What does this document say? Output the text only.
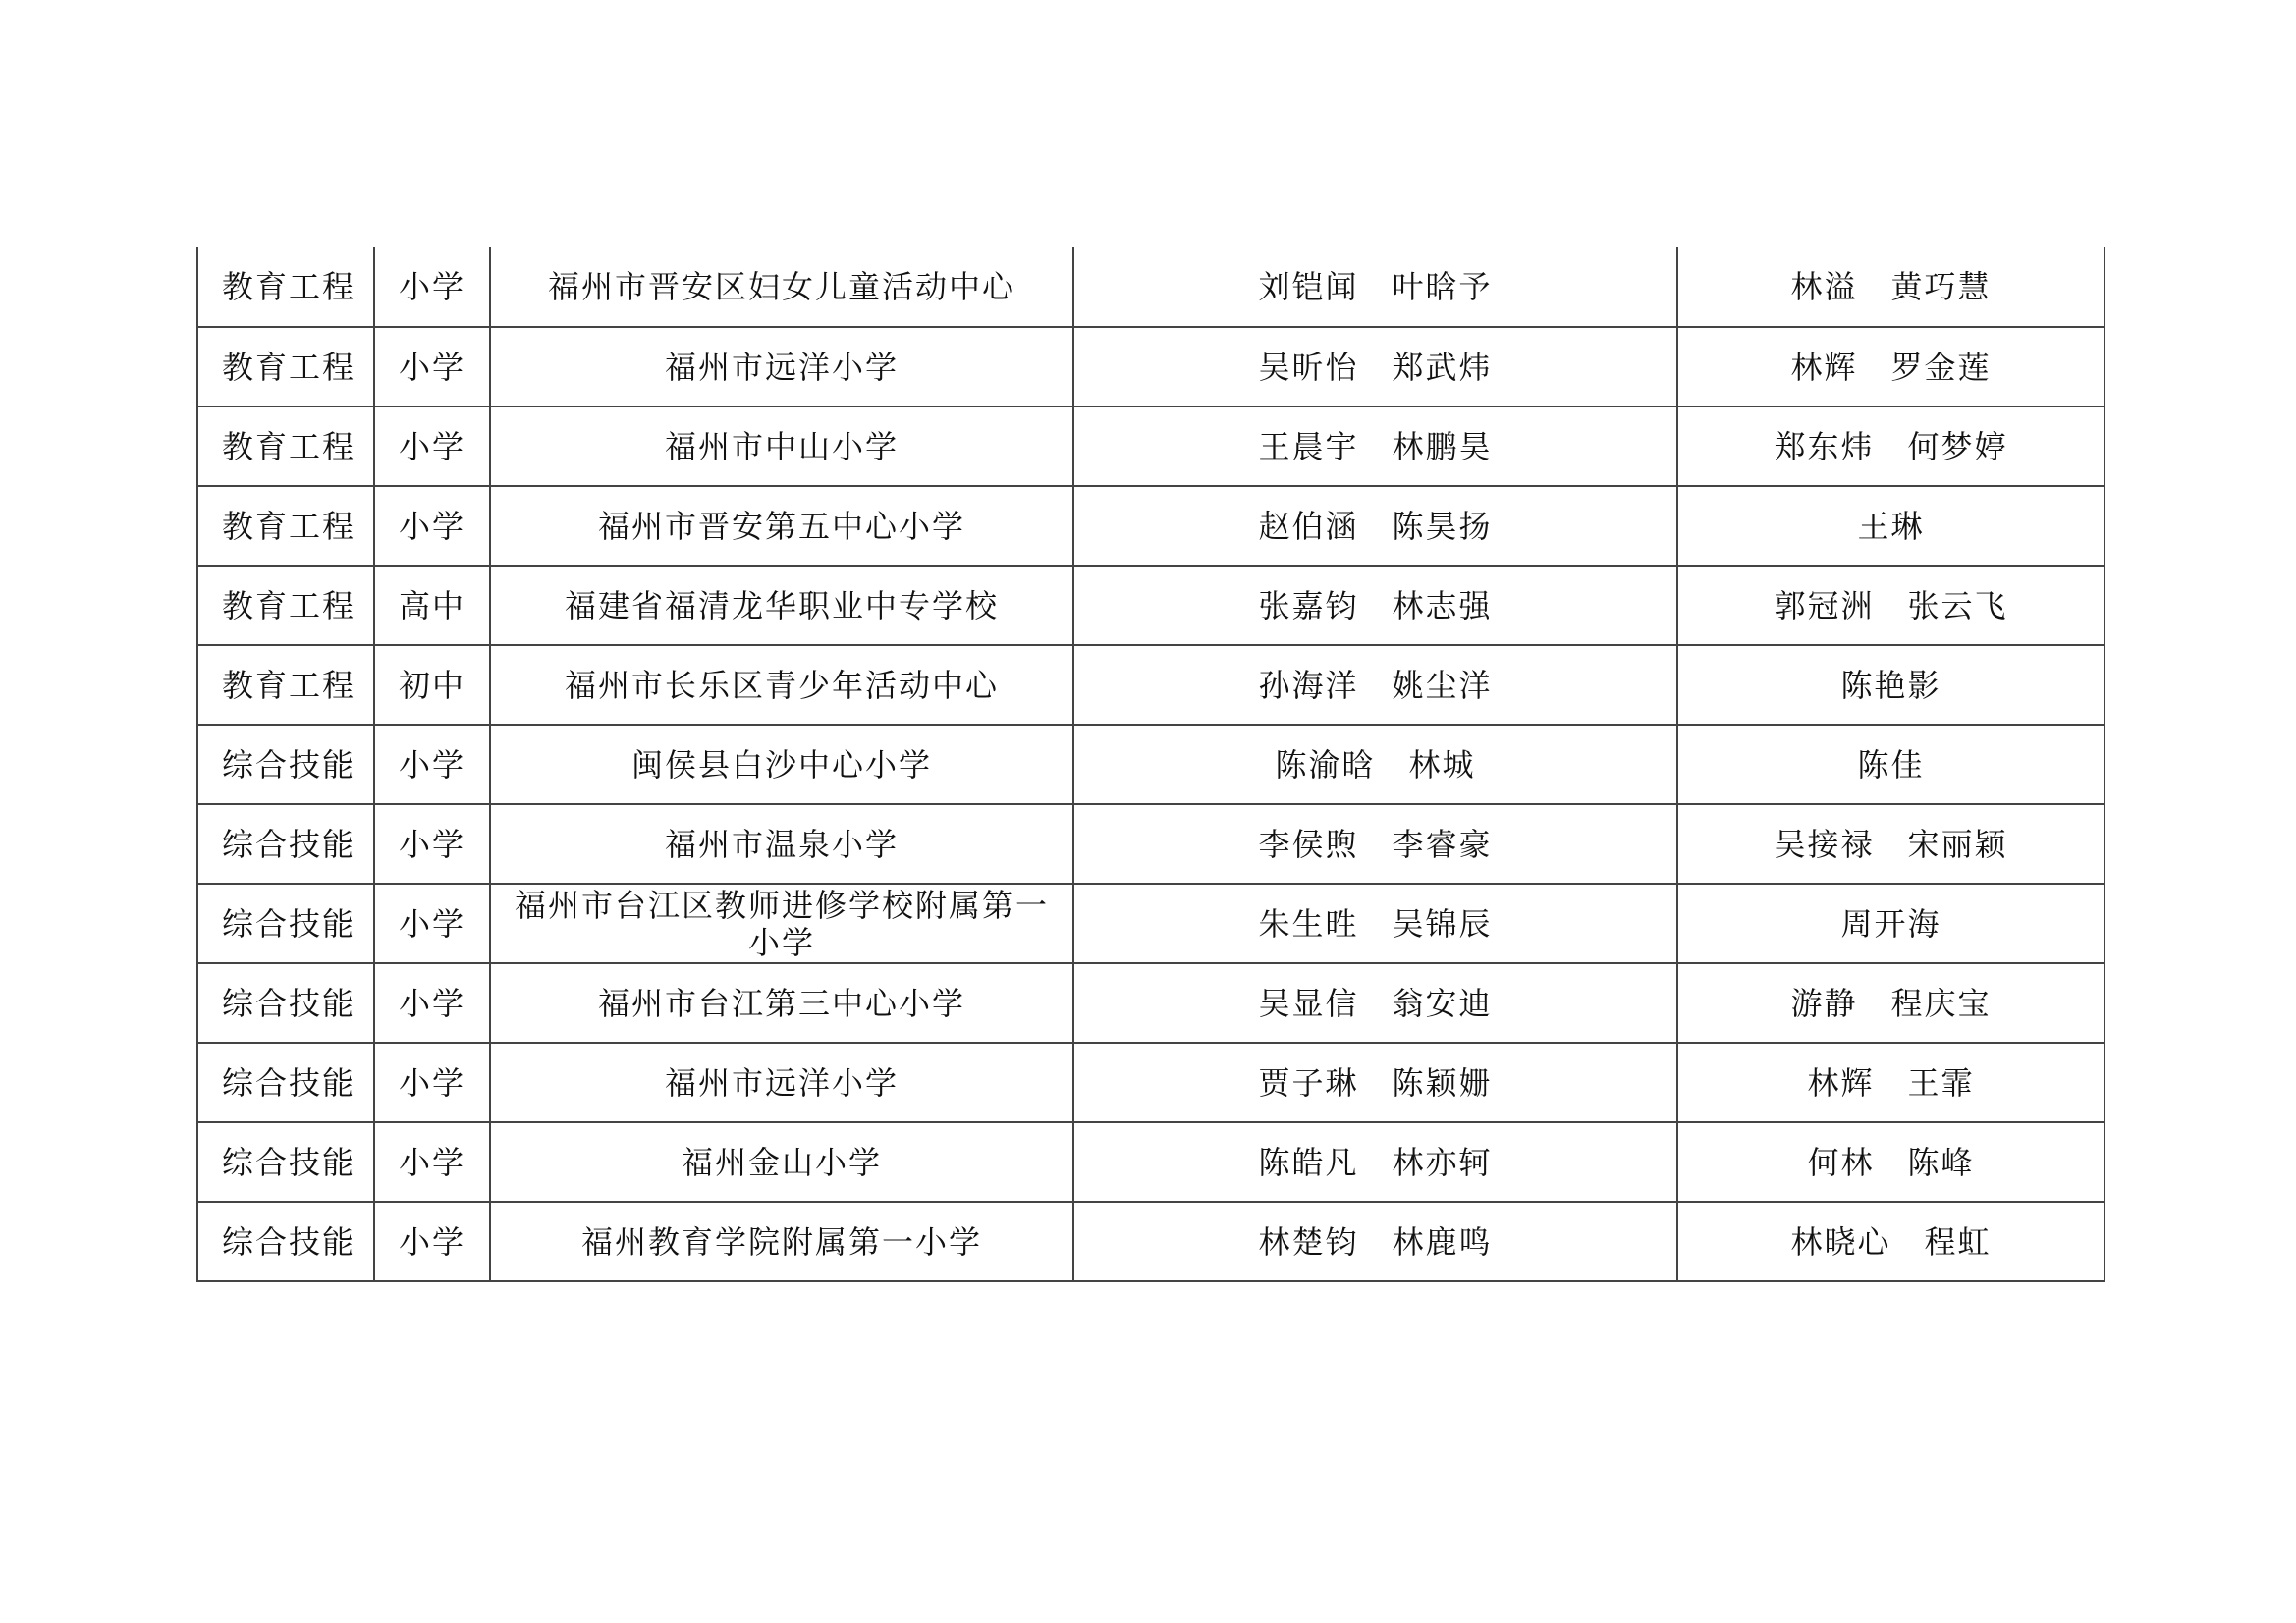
教育工程	小学	福州市晋安区妇女儿童活动中心	刘铠闻 叶晗予	林溢 黄巧慧
教育工程	小学	福州市远洋小学	吴昕怡 郑武炜	林辉 罗金莲
教育工程	小学	福州市中山小学	王晨宇 林鹏昊	郑东炜 何梦婷
教育工程	小学	福州市晋安第五中心小学	赵伯涵 陈昊扬	王琳
教育工程	高中	福建省福清龙华职业中专学校	张嘉钧 林志强	郭冠洲 张云飞
教育工程	初中	福州市长乐区青少年活动中心	孙海洋 姚尘洋	陈艳影
综合技能	小学	闽侯县白沙中心小学	陈渝晗 林城	陈佳
综合技能	小学	福州市温泉小学	李侯煦 李睿豪	吴接禄 宋丽颖
综合技能	小学	福州市台江区教师进修学校附属第一小学	朱生甠 吴锦辰	周开海
综合技能	小学	福州市台江第三中心小学	吴显信 翁安迪	游静 程庆宝
综合技能	小学	福州市远洋小学	贾子琳 陈颖姗	林辉 王霏
综合技能	小学	福州金山小学	陈皓凡 林亦轲	何林 陈峰
综合技能	小学	福州教育学院附属第一小学	林楚钧 林鹿鸣	林晓心 程虹
